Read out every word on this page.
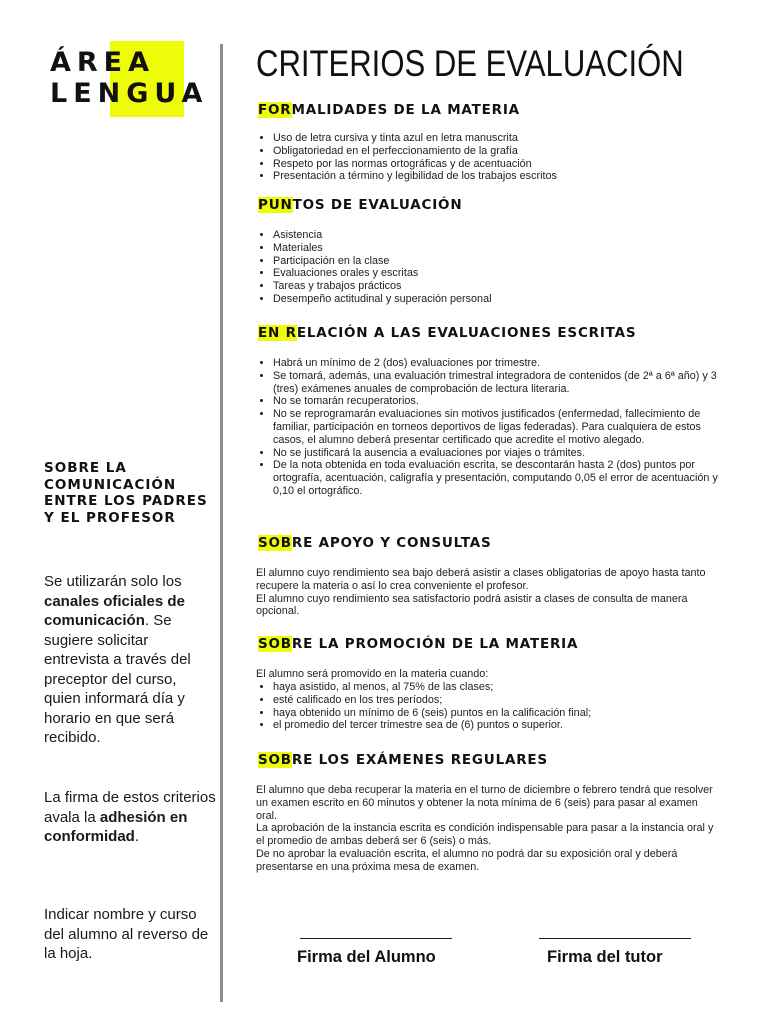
ÁREA
LENGUA
SOBRE LA COMUNICACIÓN ENTRE LOS PADRES Y EL PROFESOR

Se utilizarán solo los canales oficiales de comunicación. Se sugiere solicitar entrevista a través del preceptor del curso, quien informará día y horario en que será recibido.

La firma de estos criterios avala la adhesión en conformidad.

Indicar nombre y curso del alumno al reverso de la hoja.

CRITERIOS DE EVALUACIÓN
FORMALIDADES DE LA MATERIA
• Uso de letra cursiva y tinta azul en letra manuscrita
• Obligatoriedad en el perfeccionamiento de la grafía
• Respeto por las normas ortográficas y de acentuación
• Presentación a término y legibilidad de los trabajos escritos
PUNTOS DE EVALUACIÓN
• Asistencia
• Materiales
• Participación en la clase
• Evaluaciones orales y escritas
• Tareas y trabajos prácticos
• Desempeño actitudinal y superación personal
EN RELACIÓN A LAS EVALUACIONES ESCRITAS
• Habrá un mínimo de 2 (dos) evaluaciones por trimestre.
• Se tomará, además, una evaluación trimestral integradora de contenidos (de 2ª a 6ª año) y 3 (tres) exámenes anuales de comprobación de lectura literaria.
• No se tomarán recuperatorios.
• No se reprogramarán evaluaciones sin motivos justificados (enfermedad, fallecimiento de familiar, participación en torneos deportivos de ligas federadas). Para cualquiera de estos casos, el alumno deberá presentar certificado que acredite el motivo alegado.
• No se justificará la ausencia a evaluaciones por viajes o trámites.
• De la nota obtenida en toda evaluación escrita, se descontarán hasta 2 (dos) puntos por ortografía, acentuación, caligrafía y presentación, computando 0,05 el error de acentuación y 0,10 el ortográfico.
SOBRE APOYO Y CONSULTAS

El alumno cuyo rendimiento sea bajo deberá asistir a clases obligatorias de apoyo hasta tanto recupere la materia o así lo crea conveniente el profesor.
El alumno cuyo rendimiento sea satisfactorio podrá asistir a clases de consulta de manera opcional.

SOBRE LA PROMOCIÓN DE LA MATERIA

El alumno será promovido en la materia cuando:

• haya asistido, al menos, al 75% de las clases;
• esté calificado en los tres períodos;
• haya obtenido un mínimo de 6 (seis) puntos en la calificación final;
• el promedio del tercer trimestre sea de (6) puntos o superior.
SOBRE LOS EXÁMENES REGULARES

El alumno que deba recuperar la materia en el turno de diciembre o febrero tendrá que resolver un examen escrito en 60 minutos y obtener la nota mínima de 6 (seis) para pasar al examen oral.
La aprobación de la instancia escrita es condición indispensable para pasar a la instancia oral y el promedio de ambas deberá ser 6 (seis) o más.
De no aprobar la evaluación escrita, el alumno no podrá dar su exposición oral y deberá presentarse en una próxima mesa de examen.

Firma del Alumno	Firma del tutor
